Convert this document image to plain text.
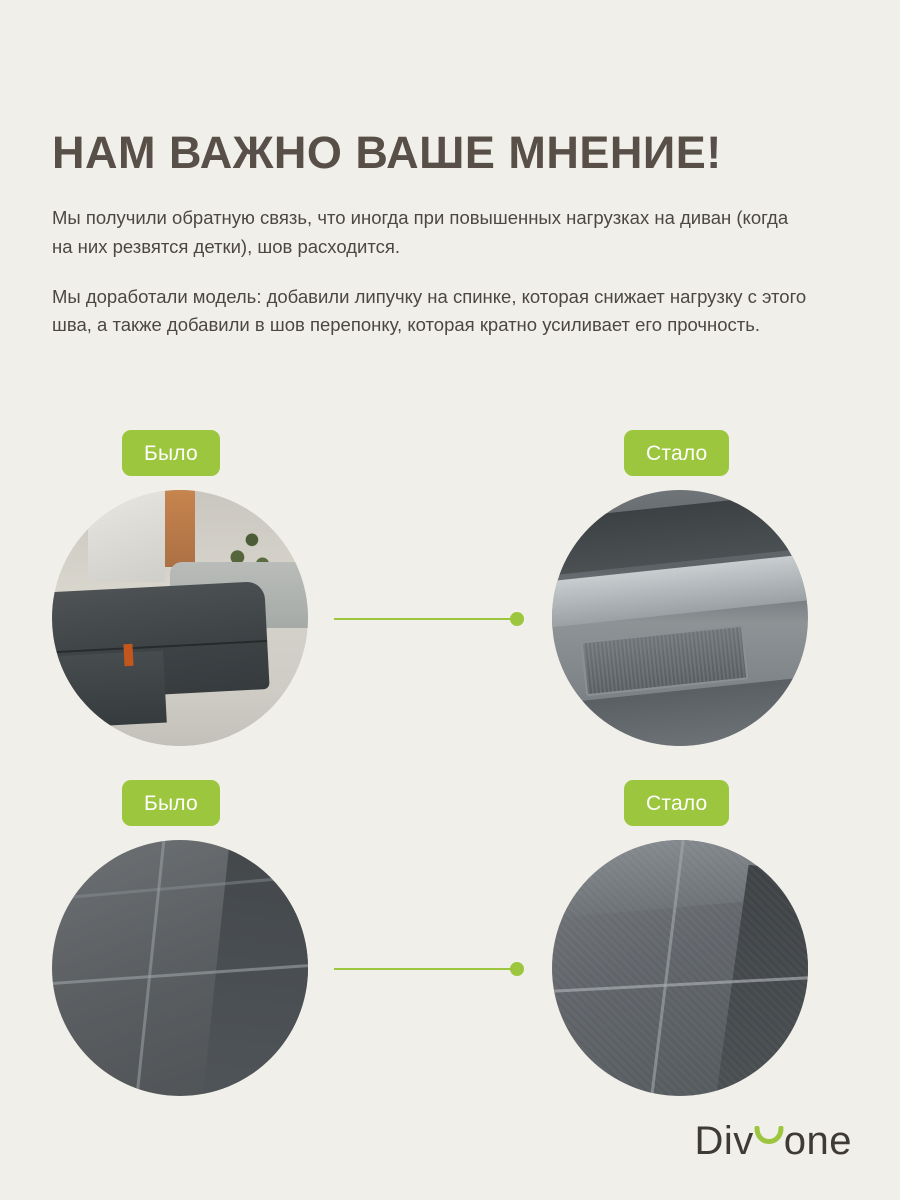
НАМ ВАЖНО ВАШЕ МНЕНИЕ!

Мы получили обратную связь, что иногда при повышенных нагрузках на диван (когда на них резвятся детки), шов расходится.

Мы доработали модель: добавили липучку на спинке, которая снижает нагрузку с этого шва, а также добавили в шов перепонку, которая кратно усиливает его прочность.

Было	Стало
Было	Стало
Div one
